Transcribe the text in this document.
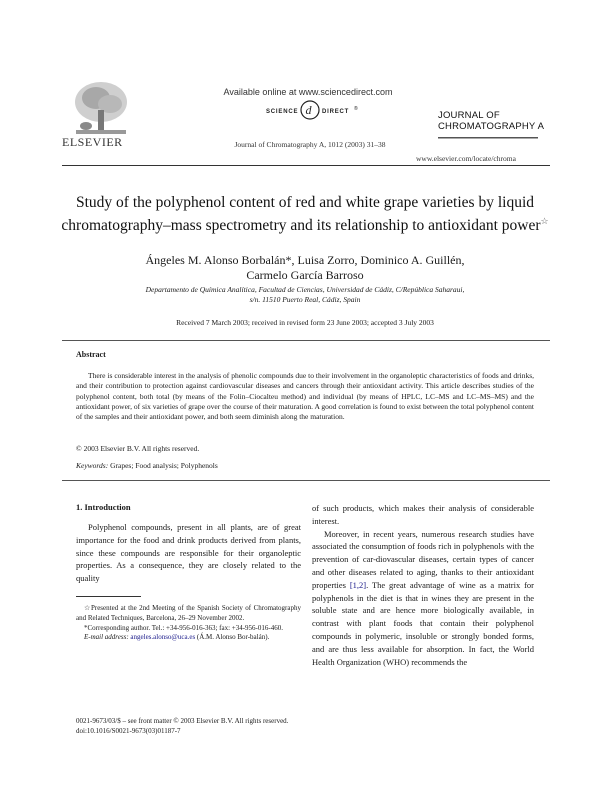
ELSEVIER
Available online at www.sciencedirect.com
SCIENCE d DIRECT ®
Journal of Chromatography A, 1012 (2003) 31–38
JOURNAL OF
CHROMATOGRAPHY A
www.elsevier.com/locate/chroma
Study of the polyphenol content of red and white grape varieties by liquid chromatography–mass spectrometry and its relationship to antioxidant power☆
Ángeles M. Alonso Borbalán*, Luisa Zorro, Dominico A. Guillén,
Carmelo García Barroso
Departamento de Química Analítica, Facultad de Ciencias, Universidad de Cádiz, C/República Saharaui,
s/n. 11510 Puerto Real, Cádiz, Spain
Received 7 March 2003; received in revised form 23 June 2003; accepted 3 July 2003
Abstract
There is considerable interest in the analysis of phenolic compounds due to their involvement in the organoleptic characteristics of foods and drinks, and their contribution to protection against cardiovascular diseases and cancers through their antioxidant activity. This article describes studies of the polyphenol content, both total (by means of the Folin–Ciocalteu method) and individual (by means of HPLC, LC–MS and LC–MS–MS) and the antioxidant power, of six varieties of grape over the course of their maturation. A good correlation is found to exist between the total polyphenol content of the samples and their antioxidant power, and both seem diminish along the maturation.
© 2003 Elsevier B.V. All rights reserved.
Keywords: Grapes; Food analysis; Polyphenols
1. Introduction
Polyphenol compounds, present in all plants, are of great importance for the food and drink products derived from plants, since these compounds are responsible for their organoleptic properties. As a consequence, they are closely related to the quality

of such products, which makes their analysis of considerable interest.

Moreover, in recent years, numerous research studies have associated the consumption of foods rich in polyphenols with the prevention of car-diovascular diseases, certain types of cancer and other diseases related to aging, thanks to their antioxidant properties [1,2]. The great advantage of wine as a matrix for polyphenols in the diet is that in wines they are present in the soluble state and are hence more biologically available, in contrast with plant foods that contain their polyphenol compounds in polymeric, insoluble or strongly bonded forms, and are thus less available for absorption. In fact, the World Health Organization (WHO) recommends the

☆Presented at the 2nd Meeting of the Spanish Society of Chromatography and Related Techniques, Barcelona, 26–29 November 2002.

*Corresponding author. Tel.: +34-956-016-363; fax: +34-956-016-460.

E-mail address: angeles.alonso@uca.es (Á.M. Alonso Bor-balán).

0021-9673/03/$ – see front matter © 2003 Elsevier B.V. All rights reserved.
doi:10.1016/S0021-9673(03)01187-7
